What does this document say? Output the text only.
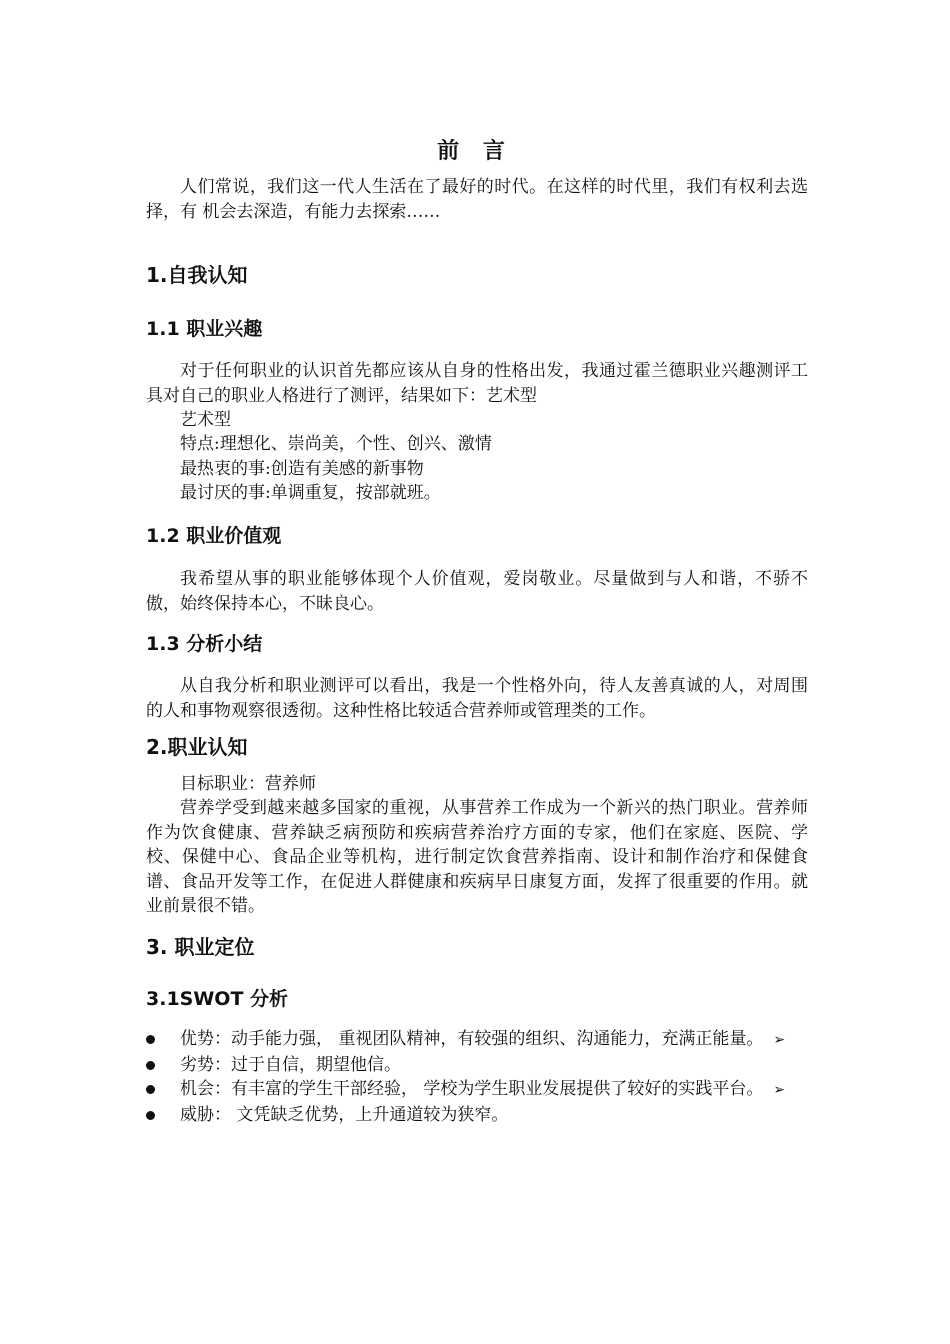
前 言

人们常说，我们这一代人生活在了最好的时代。在这样的时代里，我们有权利去选择，有 机会去深造，有能力去探索……

1.自我认知
1.1 职业兴趣

对于任何职业的认识首先都应该从自身的性格出发，我通过霍兰德职业兴趣测评工具对自己的职业人格进行了测评，结果如下：艺术型

艺术型
特点:理想化、崇尚美，个性、创兴、激情
最热衷的事:创造有美感的新事物
最讨厌的事:单调重复，按部就班。
1.2 职业价值观

我希望从事的职业能够体现个人价值观，爱岗敬业。尽量做到与人和谐，不骄不傲，始终保持本心，不昧良心。

1.3 分析小结

从自我分析和职业测评可以看出，我是一个性格外向，待人友善真诚的人，对周围的人和事物观察很透彻。这种性格比较适合营养师或管理类的工作。

2.职业认知
目标职业：营养师

营养学受到越来越多国家的重视，从事营养工作成为一个新兴的热门职业。营养师作为饮食健康、营养缺乏病预防和疾病营养治疗方面的专家，他们在家庭、医院、学校、保健中心、食品企业等机构，进行制定饮食营养指南、设计和制作治疗和保健食谱、食品开发等工作，在促进人群健康和疾病早日康复方面，发挥了很重要的作用。就业前景很不错。

3. 职业定位
3.1SWOT 分析
优势：动手能力强， 重视团队精神，有较强的组织、沟通能力，充满正能量。 ➢
劣势：过于自信，期望他信。
机会：有丰富的学生干部经验， 学校为学生职业发展提供了较好的实践平台。 ➢
威胁： 文凭缺乏优势，上升通道较为狭窄。
